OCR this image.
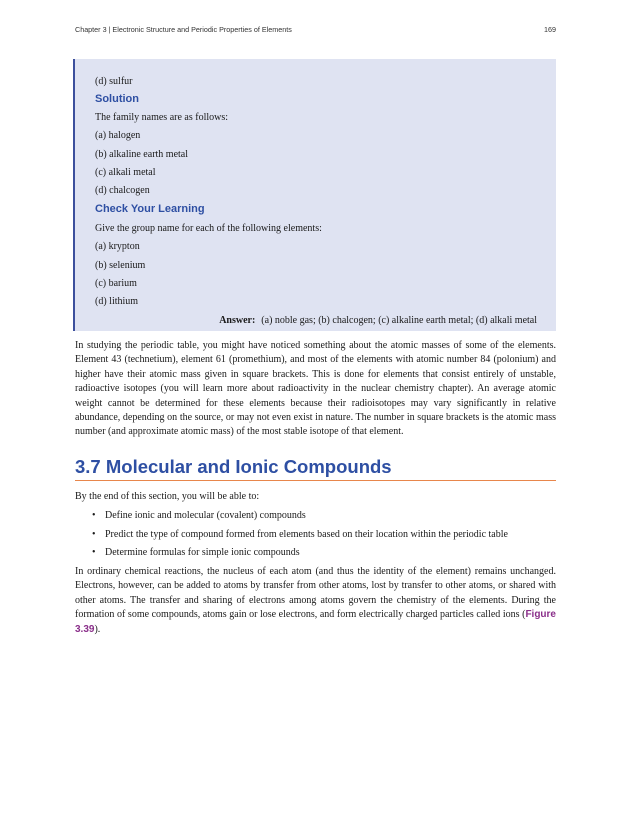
Chapter 3 | Electronic Structure and Periodic Properties of Elements	169
(d) sulfur
Solution
The family names are as follows:
(a) halogen
(b) alkaline earth metal
(c) alkali metal
(d) chalcogen
Check Your Learning
Give the group name for each of the following elements:
(a) krypton
(b) selenium
(c) barium
(d) lithium
Answer: (a) noble gas; (b) chalcogen; (c) alkaline earth metal; (d) alkali metal

In studying the periodic table, you might have noticed something about the atomic masses of some of the elements. Element 43 (technetium), element 61 (promethium), and most of the elements with atomic number 84 (polonium) and higher have their atomic mass given in square brackets. This is done for elements that consist entirely of unstable, radioactive isotopes (you will learn more about radioactivity in the nuclear chemistry chapter). An average atomic weight cannot be determined for these elements because their radioisotopes may vary significantly in relative abundance, depending on the source, or may not even exist in nature. The number in square brackets is the atomic mass number (and approximate atomic mass) of the most stable isotope of that element.

3.7 Molecular and Ionic Compounds
By the end of this section, you will be able to:
• Define ionic and molecular (covalent) compounds
• Predict the type of compound formed from elements based on their location within the periodic table
• Determine formulas for simple ionic compounds

In ordinary chemical reactions, the nucleus of each atom (and thus the identity of the element) remains unchanged. Electrons, however, can be added to atoms by transfer from other atoms, lost by transfer to other atoms, or shared with other atoms. The transfer and sharing of electrons among atoms govern the chemistry of the elements. During the formation of some compounds, atoms gain or lose electrons, and form electrically charged particles called ions (Figure 3.39).
